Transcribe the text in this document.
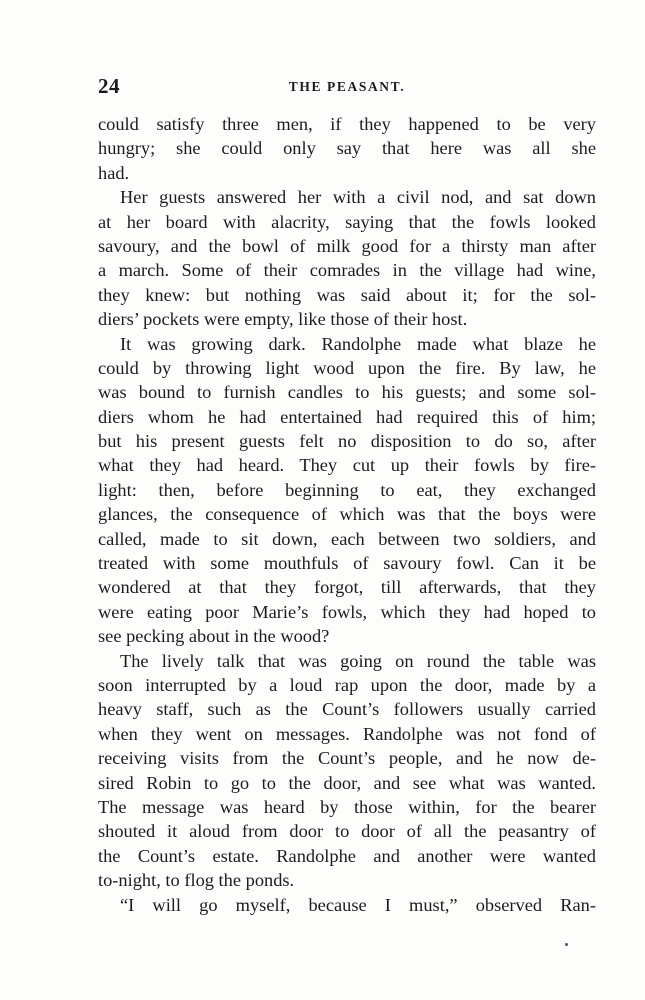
24	THE PEASANT.
could satisfy three men, if they happened to be very
hungry; she could only say that here was all she
had.
Her guests answered her with a civil nod, and sat down
at her board with alacrity, saying that the fowls looked
savoury, and the bowl of milk good for a thirsty man after
a march. Some of their comrades in the village had wine,
they knew: but nothing was said about it; for the sol-
diers’ pockets were empty, like those of their host.
It was growing dark. Randolphe made what blaze he
could by throwing light wood upon the fire. By law, he
was bound to furnish candles to his guests; and some sol-
diers whom he had entertained had required this of him;
but his present guests felt no disposition to do so, after
what they had heard. They cut up their fowls by fire-
light: then, before beginning to eat, they exchanged
glances, the consequence of which was that the boys were
called, made to sit down, each between two soldiers, and
treated with some mouthfuls of savoury fowl. Can it be
wondered at that they forgot, till afterwards, that they
were eating poor Marie’s fowls, which they had hoped to
see pecking about in the wood?
The lively talk that was going on round the table was
soon interrupted by a loud rap upon the door, made by a
heavy staff, such as the Count’s followers usually carried
when they went on messages. Randolphe was not fond of
receiving visits from the Count’s people, and he now de-
sired Robin to go to the door, and see what was wanted.
The message was heard by those within, for the bearer
shouted it aloud from door to door of all the peasantry of
the Count’s estate. Randolphe and another were wanted
to-night, to flog the ponds.
“I will go myself, because I must,” observed Ran-
